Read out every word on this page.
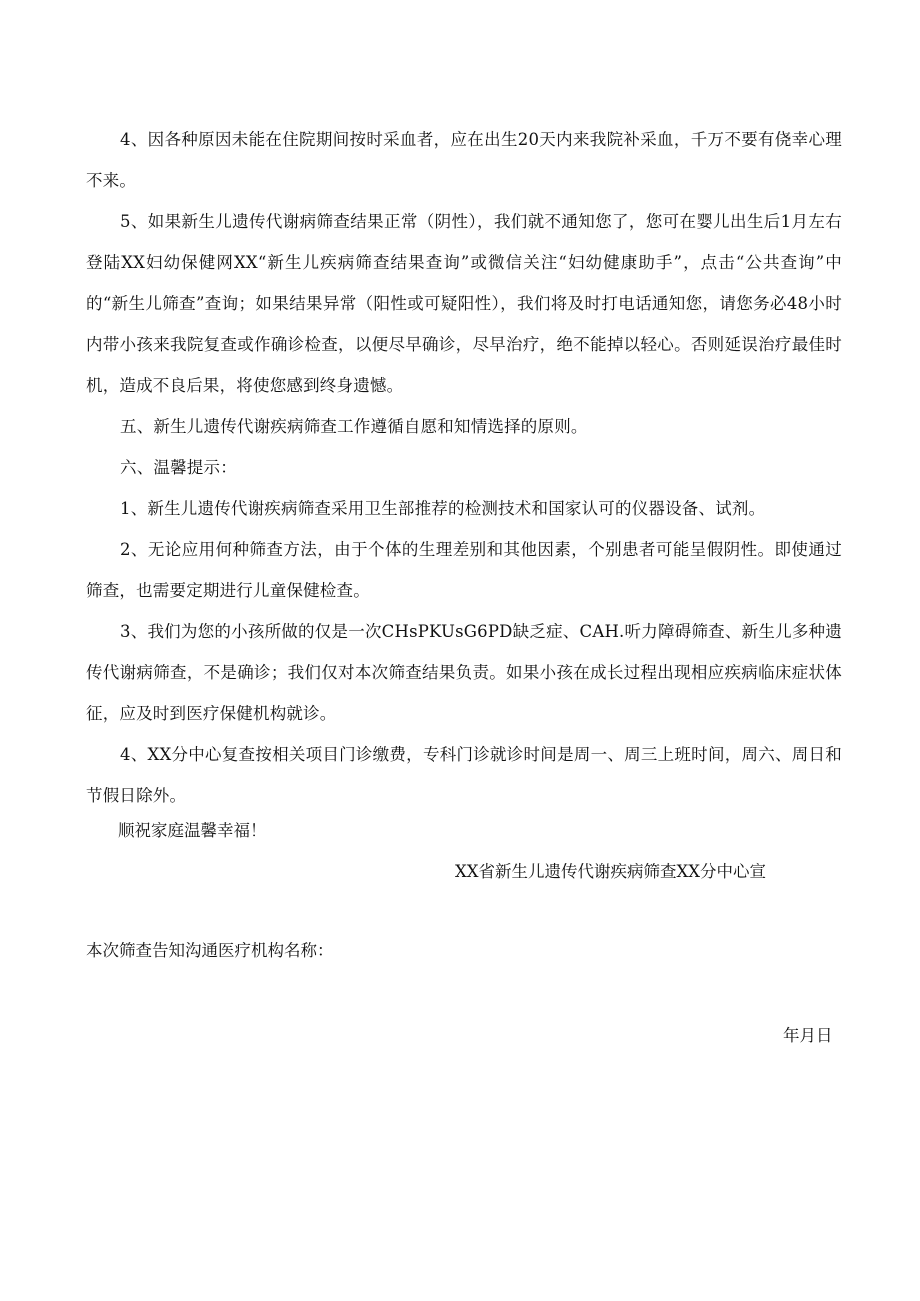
4、因各种原因未能在住院期间按时采血者，应在出生20天内来我院补采血，千万不要有侥幸心理不来。

5、如果新生儿遗传代谢病筛查结果正常（阴性），我们就不通知您了，您可在婴儿出生后1月左右登陆XX妇幼保健网XX“新生儿疾病筛查结果查询”或微信关注“妇幼健康助手”，点击“公共查询”中的“新生儿筛查”查询；如果结果异常（阳性或可疑阳性），我们将及时打电话通知您，请您务必48小时内带小孩来我院复查或作确诊检查，以便尽早确诊，尽早治疗，绝不能掉以轻心。否则延误治疗最佳时机，造成不良后果，将使您感到终身遗憾。

五、新生儿遗传代谢疾病筛查工作遵循自愿和知情选择的原则。

六、温馨提示：

1、新生儿遗传代谢疾病筛查采用卫生部推荐的检测技术和国家认可的仪器设备、试剂。

2、无论应用何种筛查方法，由于个体的生理差别和其他因素，个别患者可能呈假阴性。即使通过筛查，也需要定期进行儿童保健检查。

3、我们为您的小孩所做的仅是一次CHsPKUsG6PD缺乏症、CAH.听力障碍筛查、新生儿多种遗传代谢病筛查，不是确诊；我们仅对本次筛查结果负责。如果小孩在成长过程出现相应疾病临床症状体征，应及时到医疗保健机构就诊。

4、XX分中心复查按相关项目门诊缴费，专科门诊就诊时间是周一、周三上班时间，周六、周日和节假日除外。

顺祝家庭温馨幸福！

XX省新生儿遗传代谢疾病筛查XX分中心宣

本次筛查告知沟通医疗机构名称：

年月日
